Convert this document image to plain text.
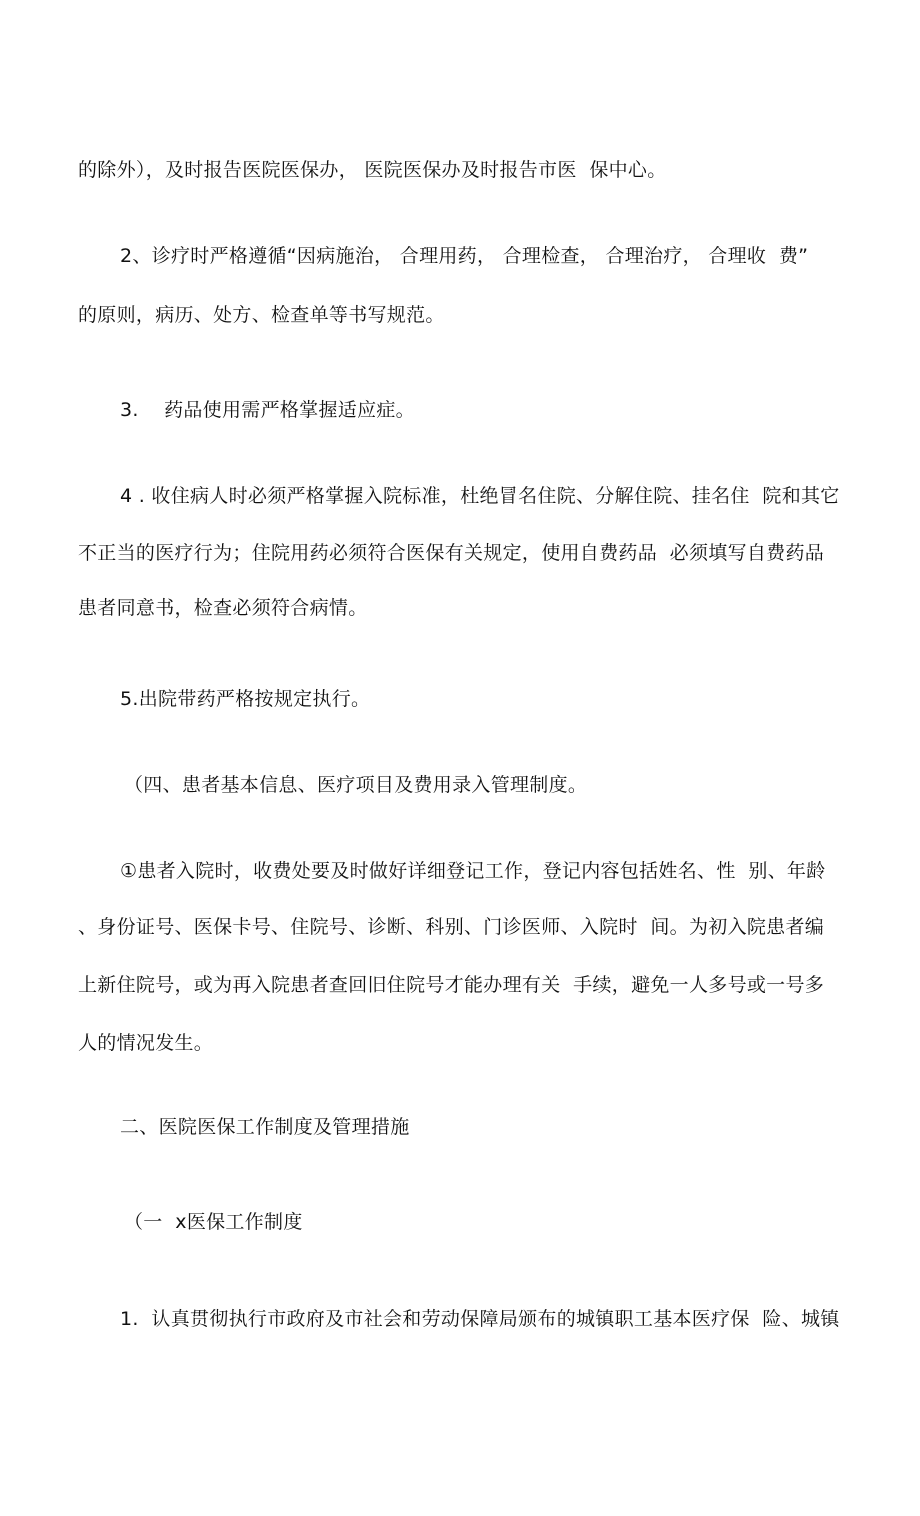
的除外），及时报告医院医保办， 医院医保办及时报告市医  保中心。
2、诊疗时严格遵循“因病施治， 合理用药， 合理检查， 合理治疗， 合理收  费”
的原则，病历、处方、检查单等书写规范。
3.    药品使用需严格掌握适应症。
4 . 收住病人时必须严格掌握入院标准，杜绝冒名住院、分解住院、挂名住  院和其它
不正当的医疗行为；住院用药必须符合医保有关规定，使用自费药品  必须填写自费药品
患者同意书，检查必须符合病情。
5.出院带药严格按规定执行。
（四、患者基本信息、医疗项目及费用录入管理制度。
①患者入院时，收费处要及时做好详细登记工作，登记内容包括姓名、性  别、年龄
、身份证号、医保卡号、住院号、诊断、科别、门诊医师、入院时  间。为初入院患者编
上新住院号，或为再入院患者查回旧住院号才能办理有关  手续，避免一人多号或一号多
人的情况发生。
二、医院医保工作制度及管理措施
（一  x医保工作制度
1.  认真贯彻执行市政府及市社会和劳动保障局颁布的城镇职工基本医疗保  险、城镇
